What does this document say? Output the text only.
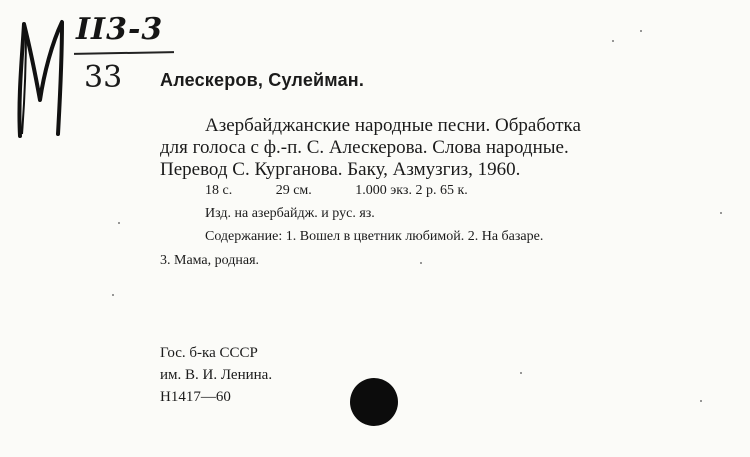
II3-3
33 Алескеров, Сулейман.
Азербайджанские народные песни. Обработка
для голоса с ф.-п. С. Алескерова. Слова народные.
Перевод С. Курганова. Баку, Азмузгиз, 1960.
18 с.	29 см.	1.000 экз. 2 р. 65 к.
Изд. на азербайдж. и рус. яз.
Содержание: 1. Вошел в цветник любимой. 2. На базаре.
3. Мама, родная.
Гос. б-ка СССР
им. В. И. Ленина.
Н1417—60
